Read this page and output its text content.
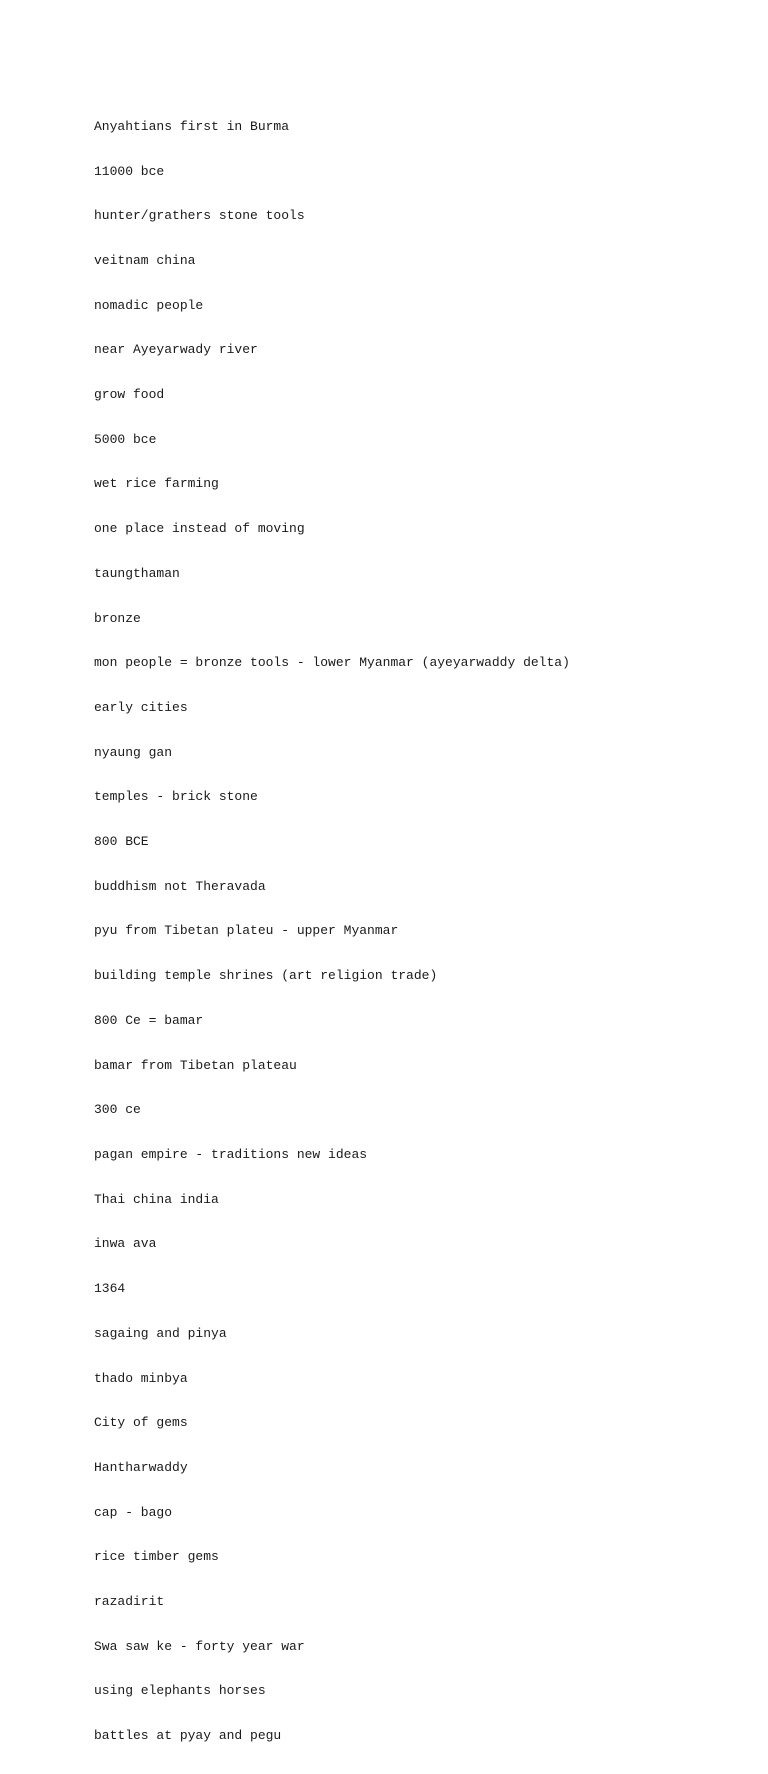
Anyahtians first in Burma

11000 bce

hunter/grathers stone tools

veitnam china

nomadic people

near Ayeyarwady river

grow food

5000 bce

wet rice farming

one place instead of moving

taungthaman

bronze

mon people = bronze tools - lower Myanmar (ayeyarwaddy delta)

early cities

nyaung gan

temples - brick stone

800 BCE

buddhism not Theravada

pyu from Tibetan plateu - upper Myanmar

building temple shrines (art religion trade)

800 Ce = bamar

bamar from Tibetan plateau

300 ce

pagan empire - traditions new ideas

Thai china india

inwa ava

1364

sagaing and pinya

thado minbya

City of gems

Hantharwaddy

cap - bago

rice timber gems

razadirit

Swa saw ke - forty year war

using elephants horses

battles at pyay and pegu
